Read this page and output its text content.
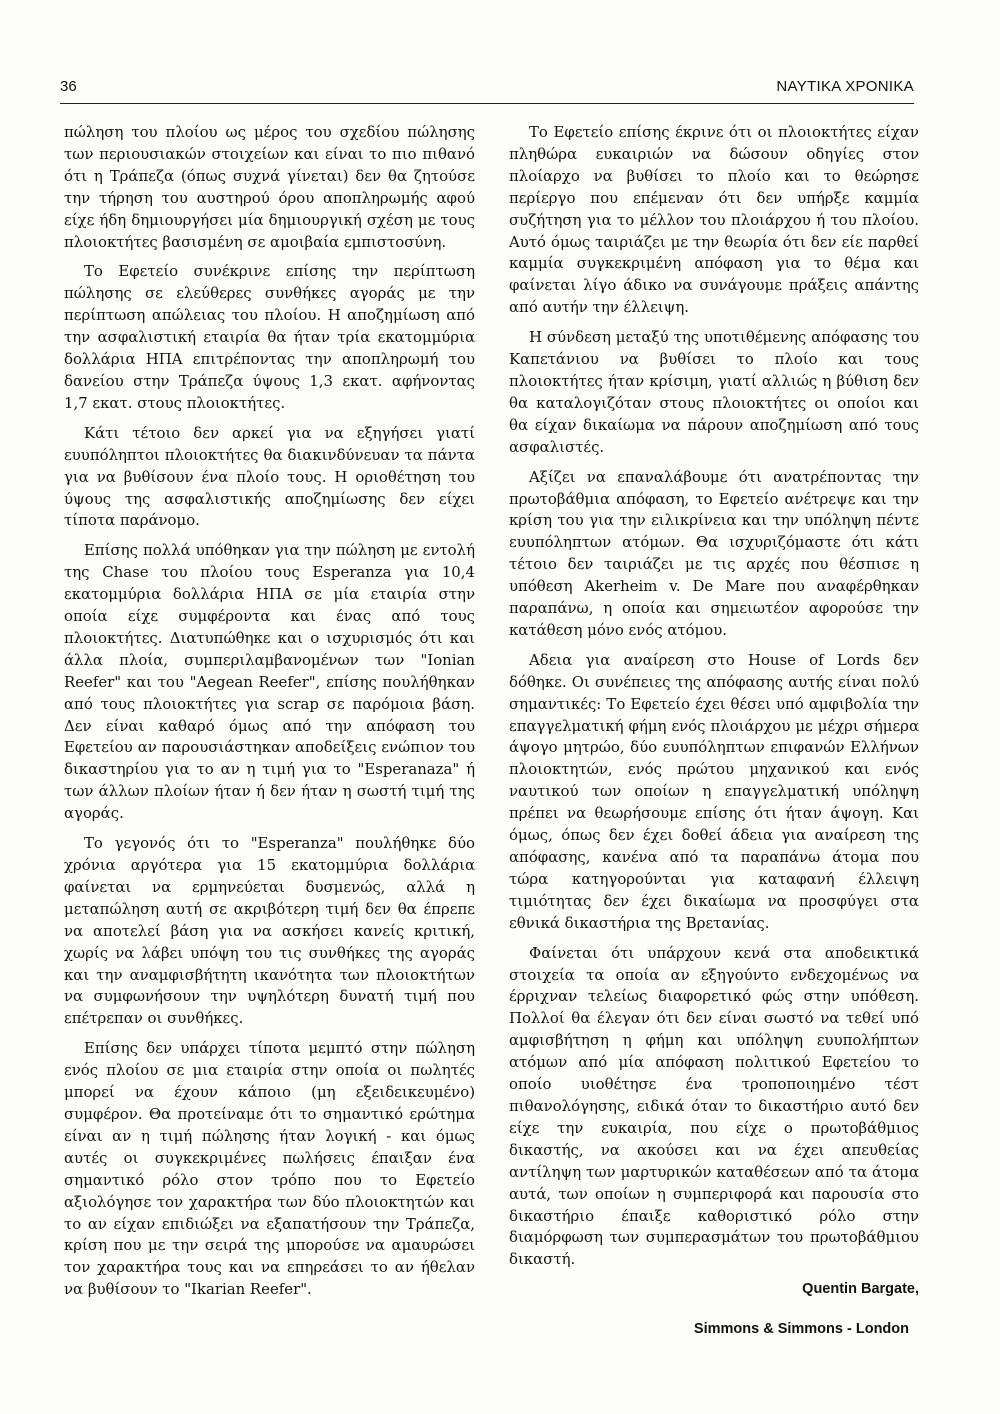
36	ΝΑΥΤΙΚΑ ΧΡΟΝΙΚΑ

πώληση του πλοίου ως μέρος του σχεδίου πώλησης των περιουσιακών στοιχείων και είναι το πιο πιθανό ότι η Τράπεζα (όπως συχνά γίνεται) δεν θα ζητούσε την τήρηση του αυστηρού όρου αποπληρωμής αφού είχε ήδη δημιουργήσει μία δημιουργική σχέση με τους πλοιοκτήτες βασισμένη σε αμοιβαία εμπιστοσύνη.

Το Εφετείο συνέκρινε επίσης την περίπτωση πώλησης σε ελεύθερες συνθήκες αγοράς με την περίπτωση απώλειας του πλοίου. Η αποζημίωση από την ασφαλιστική εταιρία θα ήταν τρία εκατομμύρια δολλάρια ΗΠΑ επιτρέποντας την αποπληρωμή του δανείου στην Τράπεζα ύψους 1,3 εκατ. αφήνοντας 1,7 εκατ. στους πλοιοκτήτες.

Κάτι τέτοιο δεν αρκεί για να εξηγήσει γιατί ευυπόληπτοι πλοιοκτήτες θα διακινδύνευαν τα πάντα για να βυθίσουν ένα πλοίο τους. Η οριοθέτηση του ύψους της ασφαλιστικής αποζημίωσης δεν είχει τίποτα παράνομο.

Επίσης πολλά υπόθηκαν για την πώληση με εντολή της Chase του πλοίου τους Esperanza για 10,4 εκατομμύρια δολλάρια ΗΠΑ σε μία εταιρία στην οποία είχε συμφέροντα και ένας από τους πλοιοκτήτες. Διατυπώθηκε και ο ισχυρισμός ότι και άλλα πλοία, συμπεριλαμβανομένων των "Ionian Reefer" και του "Aegean Reefer", επίσης πουλήθηκαν από τους πλοιοκτήτες για scrap σε παρόμοια βάση. Δεν είναι καθαρό όμως από την απόφαση του Εφετείου αν παρουσιάστηκαν αποδείξεις ενώπιον του δικαστηρίου για το αν η τιμή για το "Esperanaza" ή των άλλων πλοίων ήταν ή δεν ήταν η σωστή τιμή της αγοράς.

Το γεγονός ότι το "Esperanza" πουλήθηκε δύο χρόνια αργότερα για 15 εκατομμύρια δολλάρια φαίνεται να ερμηνεύεται δυσμενώς, αλλά η μεταπώληση αυτή σε ακριβότερη τιμή δεν θα έπρεπε να αποτελεί βάση για να ασκήσει κανείς κριτική, χωρίς να λάβει υπόψη του τις συνθήκες της αγοράς και την αναμφισβήτητη ικανότητα των πλοιοκτήτων να συμφωνήσουν την υψηλότερη δυνατή τιμή που επέτρεπαν οι συνθήκες.

Επίσης δεν υπάρχει τίποτα μεμπτό στην πώληση ενός πλοίου σε μια εταιρία στην οποία οι πωλητές μπορεί να έχουν κάποιο (μη εξειδεικευμένο) συμφέρον. Θα προτείναμε ότι το σημαντικό ερώτημα είναι αν η τιμή πώλησης ήταν λογική - και όμως αυτές οι συγκεκριμένες πωλήσεις έπαιξαν ένα σημαντικό ρόλο στον τρόπο που το Εφετείο αξιολόγησε τον χαρακτήρα των δύο πλοιοκτητών και το αν είχαν επιδιώξει να εξαπατήσουν την Τράπεζα, κρίση που με την σειρά της μπορούσε να αμαυρώσει τον χαρακτήρα τους και να επηρεάσει το αν ήθελαν να βυθίσουν το "Ikarian Reefer".

Το Εφετείο επίσης έκρινε ότι οι πλοιοκτήτες είχαν πληθώρα ευκαιριών να δώσουν οδηγίες στον πλοίαρχο να βυθίσει το πλοίο και το θεώρησε περίεργο που επέμεναν ότι δεν υπήρξε καμμία συζήτηση για το μέλλον του πλοιάρχου ή του πλοίου. Αυτό όμως ταιριάζει με την θεωρία ότι δεν είε παρθεί καμμία συγκεκριμένη απόφαση για το θέμα και φαίνεται λίγο άδικο να συνάγουμε πράξεις απάντης από αυτήν την έλλειψη.

Η σύνδεση μεταξύ της υποτιθέμενης απόφασης του Καπετάνιου να βυθίσει το πλοίο και τους πλοιοκτήτες ήταν κρίσιμη, γιατί αλλιώς η βύθιση δεν θα καταλογιζόταν στους πλοιοκτήτες οι οποίοι και θα είχαν δικαίωμα να πάρουν αποζημίωση από τους ασφαλιστές.

Αξίζει να επαναλάβουμε ότι ανατρέποντας την πρωτοβάθμια απόφαση, το Εφετείο ανέτρεψε και την κρίση του για την ειλικρίνεια και την υπόληψη πέντε ευυπόληπτων ατόμων. Θα ισχυριζόμαστε ότι κάτι τέτοιο δεν ταιριάζει με τις αρχές που θέσπισε η υπόθεση Akerheim v. De Mare που αναφέρθηκαν παραπάνω, η οποία και σημειωτέον αφορούσε την κατάθεση μόνο ενός ατόμου.

Αδεια για αναίρεση στο House of Lords δεν δόθηκε. Οι συνέπειες της απόφασης αυτής είναι πολύ σημαντικές: Το Εφετείο έχει θέσει υπό αμφιβολία την επαγγελματική φήμη ενός πλοιάρχου με μέχρι σήμερα άψογο μητρώο, δύο ευυπόληπτων επιφανών Ελλήνων πλοιοκτητών, ενός πρώτου μηχανικού και ενός ναυτικού των οποίων η επαγγελματική υπόληψη πρέπει να θεωρήσουμε επίσης ότι ήταν άψογη. Και όμως, όπως δεν έχει δοθεί άδεια για αναίρεση της απόφασης, κανένα από τα παραπάνω άτομα που τώρα κατηγορούνται για καταφανή έλλειψη τιμιότητας δεν έχει δικαίωμα να προσφύγει στα εθνικά δικαστήρια της Βρετανίας.

Φαίνεται ότι υπάρχουν κενά στα αποδεικτικά στοιχεία τα οποία αν εξηγούντο ενδεχομένως να έρριχναν τελείως διαφορετικό φώς στην υπόθεση. Πολλοί θα έλεγαν ότι δεν είναι σωστό να τεθεί υπό αμφισβήτηση η φήμη και υπόληψη ευυπολήπτων ατόμων από μία απόφαση πολιτικού Εφετείου το οποίο υιοθέτησε ένα τροποποιημένο τέστ πιθανολόγησης, ειδικά όταν το δικαστήριο αυτό δεν είχε την ευκαιρία, που είχε ο πρωτοβάθμιος δικαστής, να ακούσει και να έχει απευθείας αντίληψη των μαρτυρικών καταθέσεων από τα άτομα αυτά, των οποίων η συμπεριφορά και παρουσία στο δικαστήριο έπαιξε καθοριστικό ρόλο στην διαμόρφωση των συμπερασμάτων του πρωτοβάθμιου δικαστή.

Quentin Bargate,
Simmons & Simmons - London
